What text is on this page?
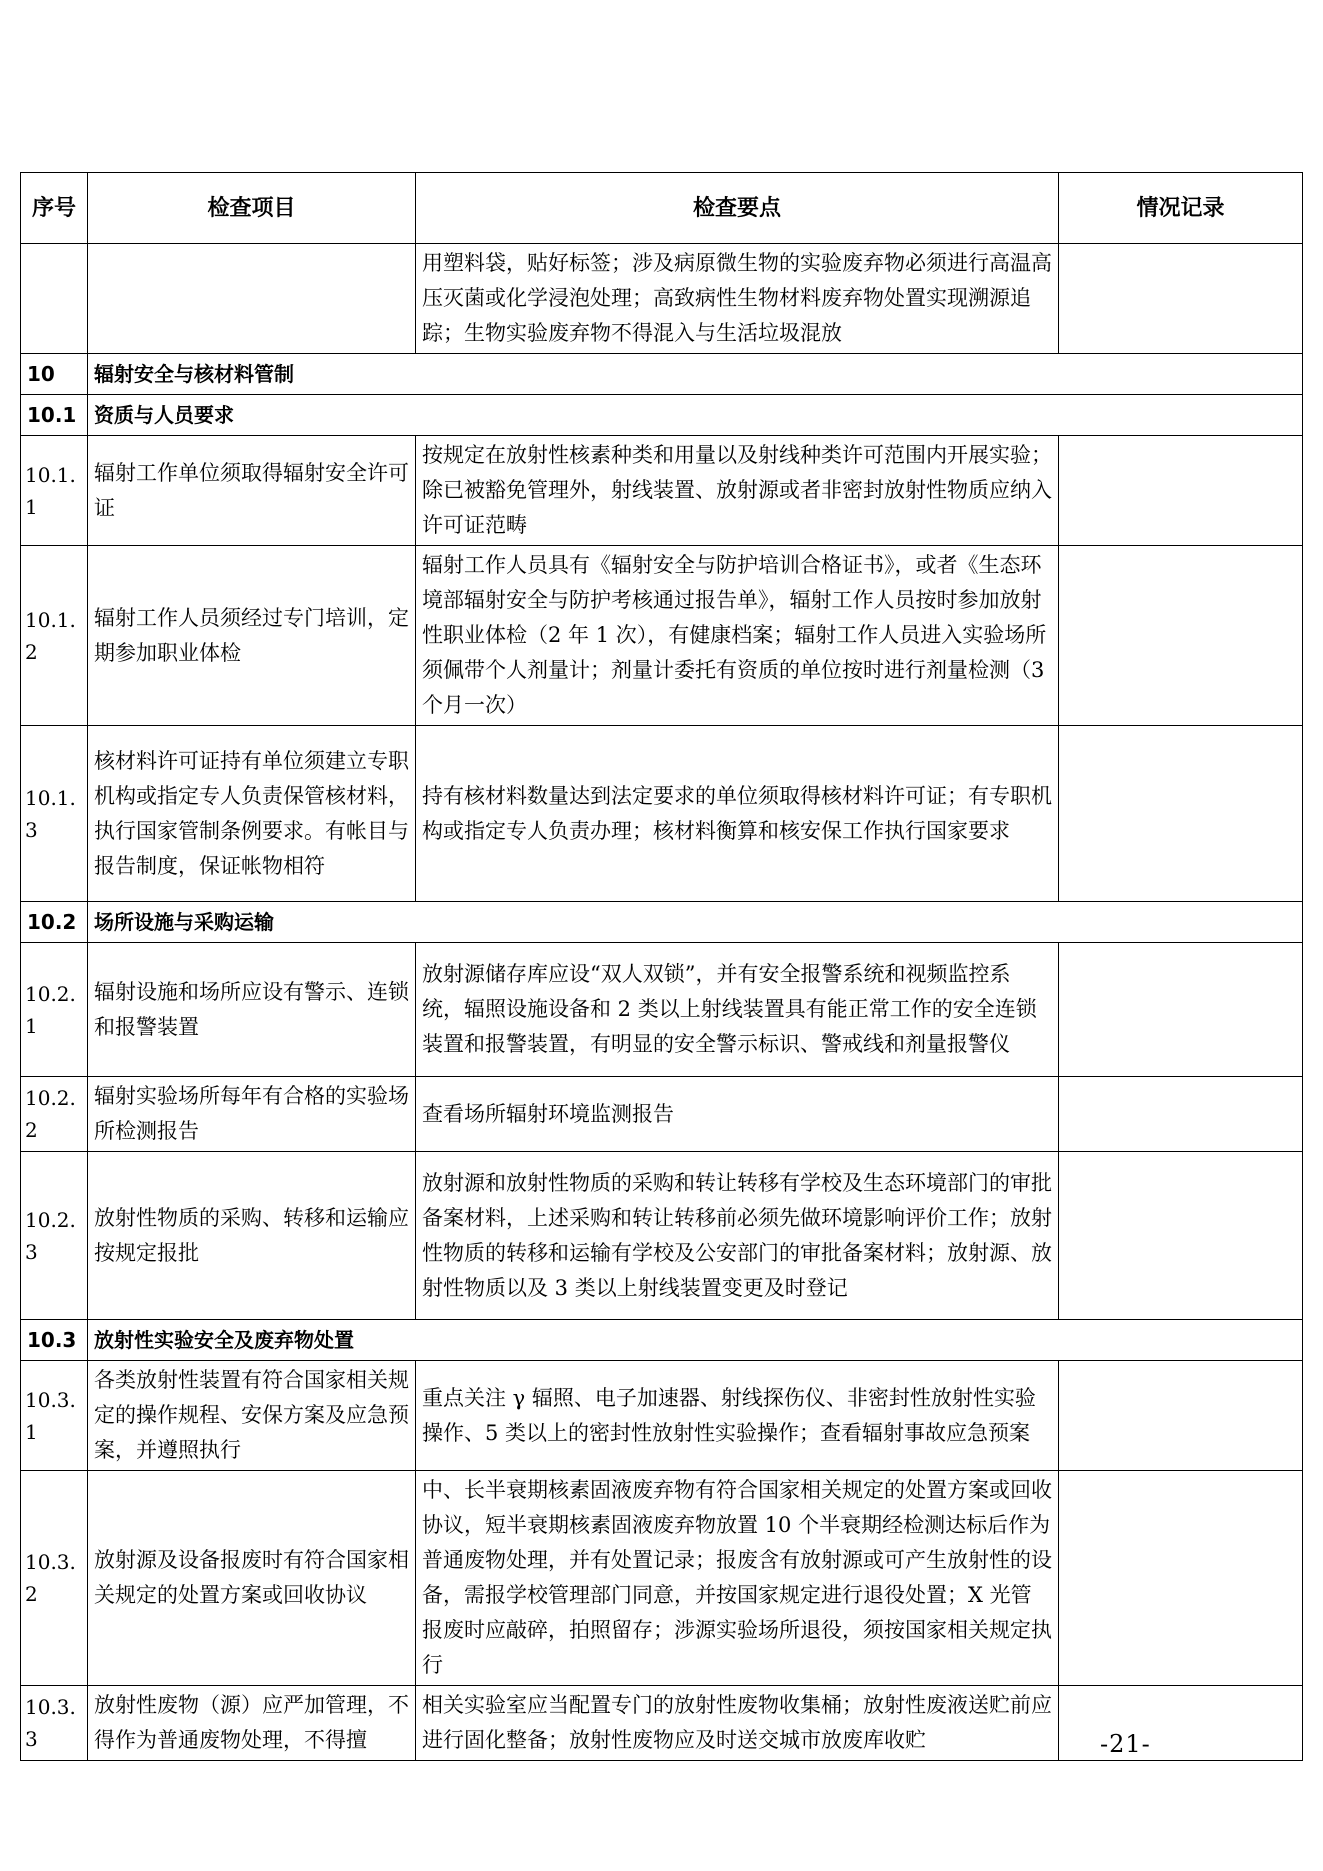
序号	检查项目	检查要点	情况记录
		用塑料袋，贴好标签；涉及病原微生物的实验废弃物必须进行高温高压灭菌或化学浸泡处理；高致病性生物材料废弃物处置实现溯源追踪；生物实验废弃物不得混入与生活垃圾混放	
10	辐射安全与核材料管制		
10.1	资质与人员要求		
10.1.1	辐射工作单位须取得辐射安全许可证	按规定在放射性核素种类和用量以及射线种类许可范围内开展实验；除已被豁免管理外，射线装置、放射源或者非密封放射性物质应纳入许可证范畴	
10.1.2	辐射工作人员须经过专门培训，定期参加职业体检	辐射工作人员具有《辐射安全与防护培训合格证书》，或者《生态环境部辐射安全与防护考核通过报告单》，辐射工作人员按时参加放射性职业体检（2 年 1 次），有健康档案；辐射工作人员进入实验场所须佩带个人剂量计；剂量计委托有资质的单位按时进行剂量检测（3 个月一次）	
10.1.3	核材料许可证持有单位须建立专职机构或指定专人负责保管核材料，执行国家管制条例要求。有帐目与报告制度，保证帐物相符	持有核材料数量达到法定要求的单位须取得核材料许可证；有专职机构或指定专人负责办理；核材料衡算和核安保工作执行国家要求	
10.2	场所设施与采购运输		
10.2.1	辐射设施和场所应设有警示、连锁和报警装置	放射源储存库应设“双人双锁”，并有安全报警系统和视频监控系统，辐照设施设备和 2 类以上射线装置具有能正常工作的安全连锁装置和报警装置，有明显的安全警示标识、警戒线和剂量报警仪	
10.2.2	辐射实验场所每年有合格的实验场所检测报告	查看场所辐射环境监测报告	
10.2.3	放射性物质的采购、转移和运输应按规定报批	放射源和放射性物质的采购和转让转移有学校及生态环境部门的审批备案材料，上述采购和转让转移前必须先做环境影响评价工作；放射性物质的转移和运输有学校及公安部门的审批备案材料；放射源、放射性物质以及 3 类以上射线装置变更及时登记	
10.3	放射性实验安全及废弃物处置		
10.3.1	各类放射性装置有符合国家相关规定的操作规程、安保方案及应急预案，并遵照执行	重点关注 γ 辐照、电子加速器、射线探伤仪、非密封性放射性实验操作、5 类以上的密封性放射性实验操作；查看辐射事故应急预案	
10.3.2	放射源及设备报废时有符合国家相关规定的处置方案或回收协议	中、长半衰期核素固液废弃物有符合国家相关规定的处置方案或回收协议，短半衰期核素固液废弃物放置 10 个半衰期经检测达标后作为普通废物处理，并有处置记录；报废含有放射源或可产生放射性的设备，需报学校管理部门同意，并按国家规定进行退役处置；X 光管报废时应敲碎，拍照留存；涉源实验场所退役，须按国家相关规定执行	
10.3.3	放射性废物（源）应严加管理，不得作为普通废物处理，不得擅	相关实验室应当配置专门的放射性废物收集桶；放射性废液送贮前应进行固化整备；放射性废物应及时送交城市放废库收贮		-21-
